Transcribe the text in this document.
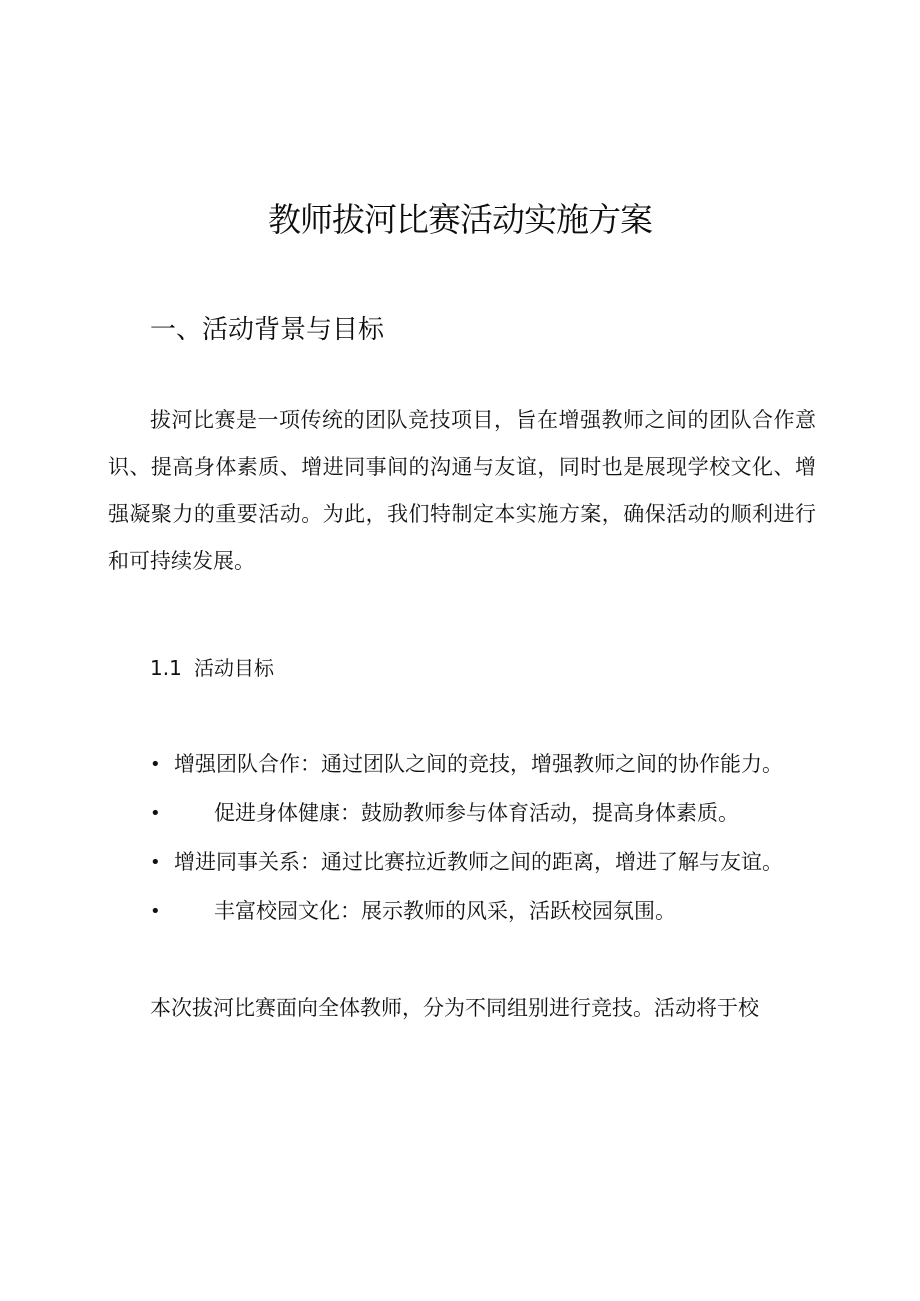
教师拔河比赛活动实施方案
一、活动背景与目标

拔河比赛是一项传统的团队竞技项目，旨在增强教师之间的团队合作意识、提高身体素质、增进同事间的沟通与友谊，同时也是展现学校文化、增强凝聚力的重要活动。为此，我们特制定本实施方案，确保活动的顺利进行和可持续发展。

1.1 活动目标
• 增强团队合作：通过团队之间的竞技，增强教师之间的协作能力。
•	促进身体健康：鼓励教师参与体育活动，提高身体素质。
• 增进同事关系：通过比赛拉近教师之间的距离，增进了解与友谊。
•	丰富校园文化：展示教师的风采，活跃校园氛围。

本次拔河比赛面向全体教师，分为不同组别进行竞技。活动将于校
